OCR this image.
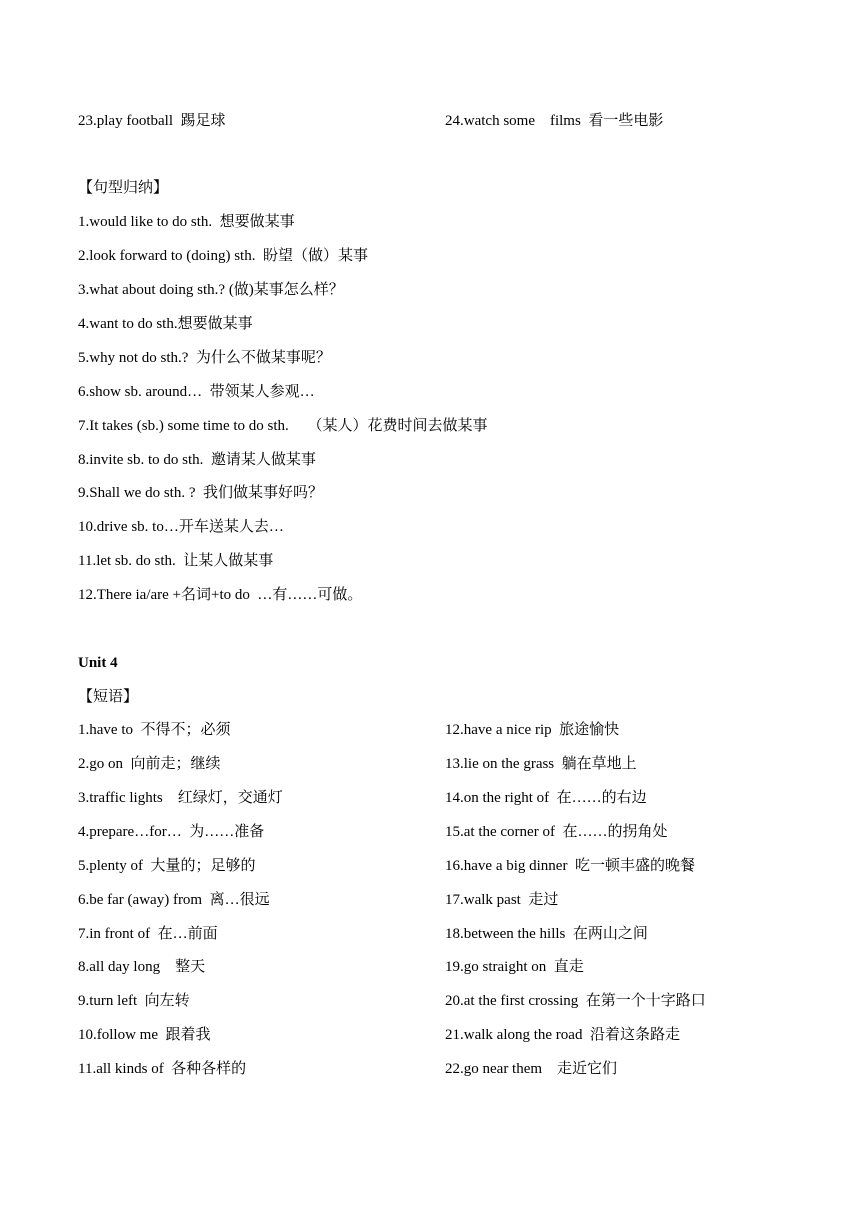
23.play football  踢足球	24.watch some    films  看一些电影
【句型归纳】
1.would like to do sth.  想要做某事
2.look forward to (doing) sth.  盼望（做）某事
3.what about doing sth.? (做)某事怎么样？
4.want to do sth.想要做某事
5.why not do sth.?  为什么不做某事呢？
6.show sb. around…  带领某人参观…
7.It takes (sb.) some time to do sth.     （某人）花费时间去做某事
8.invite sb. to do sth.  邀请某人做某事
9.Shall we do sth. ?  我们做某事好吗？
10.drive sb. to…开车送某人去…
11.let sb. do sth.  让某人做某事
12.There ia/are +名词+to do  …有……可做。
Unit 4
【短语】
1.have to  不得不；必须	12.have a nice rip  旅途愉快
2.go on  向前走；继续	13.lie on the grass  躺在草地上
3.traffic lights    红绿灯，交通灯	14.on the right of  在……的右边
4.prepare…for…  为……准备	15.at the corner of  在……的拐角处
5.plenty of  大量的；足够的	16.have a big dinner  吃一顿丰盛的晚餐
6.be far (away) from  离…很远	17.walk past  走过
7.in front of  在…前面	18.between the hills  在两山之间
8.all day long    整天	19.go straight on  直走
9.turn left  向左转	20.at the first crossing  在第一个十字路口
10.follow me  跟着我	21.walk along the road  沿着这条路走
11.all kinds of  各种各样的	22.go near them    走近它们
